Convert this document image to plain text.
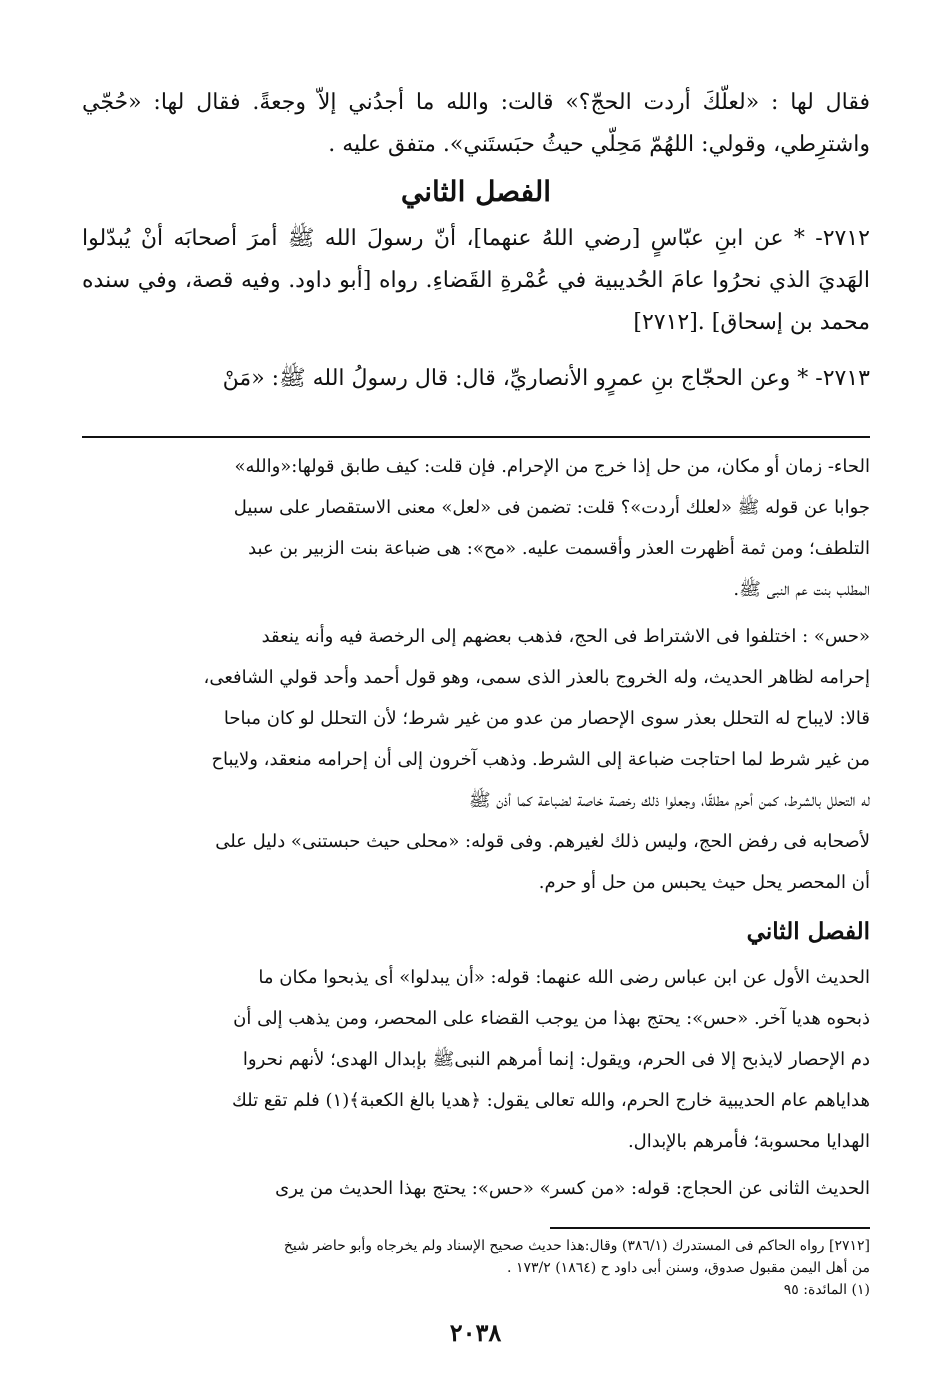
فقال لها : «لعلّكَ أردت الحجّ؟» قالت: والله ما أجدُني إلاّ وجعةً. فقال لها: «حُجّي واشترِطي، وقولي: اللهُمّ مَحِلّي حيثُ حبَستَني». متفق عليه .

الفصل الثاني

٢٧١٢- * عن ابنِ عبّاسٍ [رضي اللهُ عنهما]، أنّ رسولَ الله ﷺ أمرَ أصحابَه أنْ يُبدّلوا الهَديَ الذي نحرُوا عامَ الحُديبية في عُمْرةِ القَضاءِ. رواه [أبو داود. وفيه قصة، وفي سنده محمد بن إسحاق] .[٢٧١٢]

٢٧١٣- * وعن الحجّاج بنِ عمرٍو الأنصاريِّ، قال: قال رسولُ الله ﷺ: «مَنْ

الحاء- زمان أو مكان، من حل إذا خرج من الإحرام. فإن قلت: كيف طابق قولها:«والله»

جوابا عن قوله ﷺ «لعلك أردت»؟ قلت: تضمن فى «لعل» معنى الاستقصار على سبيل

التلطف؛ ومن ثمة أظهرت العذر وأقسمت عليه. «مح»: هى ضباعة بنت الزبير بن عبد

المطلب بنت عم النبى ﷺ.

«حس» : اختلفوا فى الاشتراط فى الحج، فذهب بعضهم إلى الرخصة فيه وأنه ينعقد

إحرامه لظاهر الحديث، وله الخروج بالعذر الذى سمى، وهو قول أحمد وأحد قولي الشافعى،

قالا: لايباح له التحلل بعذر سوى الإحصار من عدو من غير شرط؛ لأن التحلل لو كان مباحا

من غير شرط لما احتاجت ضباعة إلى الشرط. وذهب آخرون إلى أن إحرامه منعقد، ولايباح

له التحلل بالشرط، كمن أحرم مطلقًا، وجعلوا ذلك رخصة خاصة لضباعة كما أذن ﷺ

لأصحابه فى رفض الحج، وليس ذلك لغيرهم. وفى قوله: «محلى حيث حبستنى» دليل على

أن المحصر يحل حيث يحبس من حل أو حرم.

الفصل الثاني

الحديث الأول عن ابن عباس رضى الله عنهما: قوله: «أن يبدلوا» أى يذبحوا مكان ما

ذبحوه هديا آخر. «حس»: يحتج بهذا من يوجب القضاء على المحصر، ومن يذهب إلى أن

دم الإحصار لايذبح إلا فى الحرم، ويقول: إنما أمرهم النبىﷺ بإبدال الهدى؛ لأنهم نحروا

هداياهم عام الحديبية خارج الحرم، والله تعالى يقول: ﴿هديا بالغ الكعبة﴾(١) فلم تقع تلك

الهدايا محسوبة؛ فأمرهم بالإبدال.

الحديث الثانى عن الحجاج: قوله: «من كسر» «حس»: يحتج بهذا الحديث من يرى

[٢٧١٢] رواه الحاكم فى المستدرك (٣٨٦/١) وقال:هذا حديث صحيح الإسناد ولم يخرجاه وأبو حاضر شيخ

من أهل اليمن مقبول صدوق، وسنن أبى داود ح (١٨٦٤) ١٧٣/٢ .

(١) المائدة: ٩٥

٢٠٣٨
